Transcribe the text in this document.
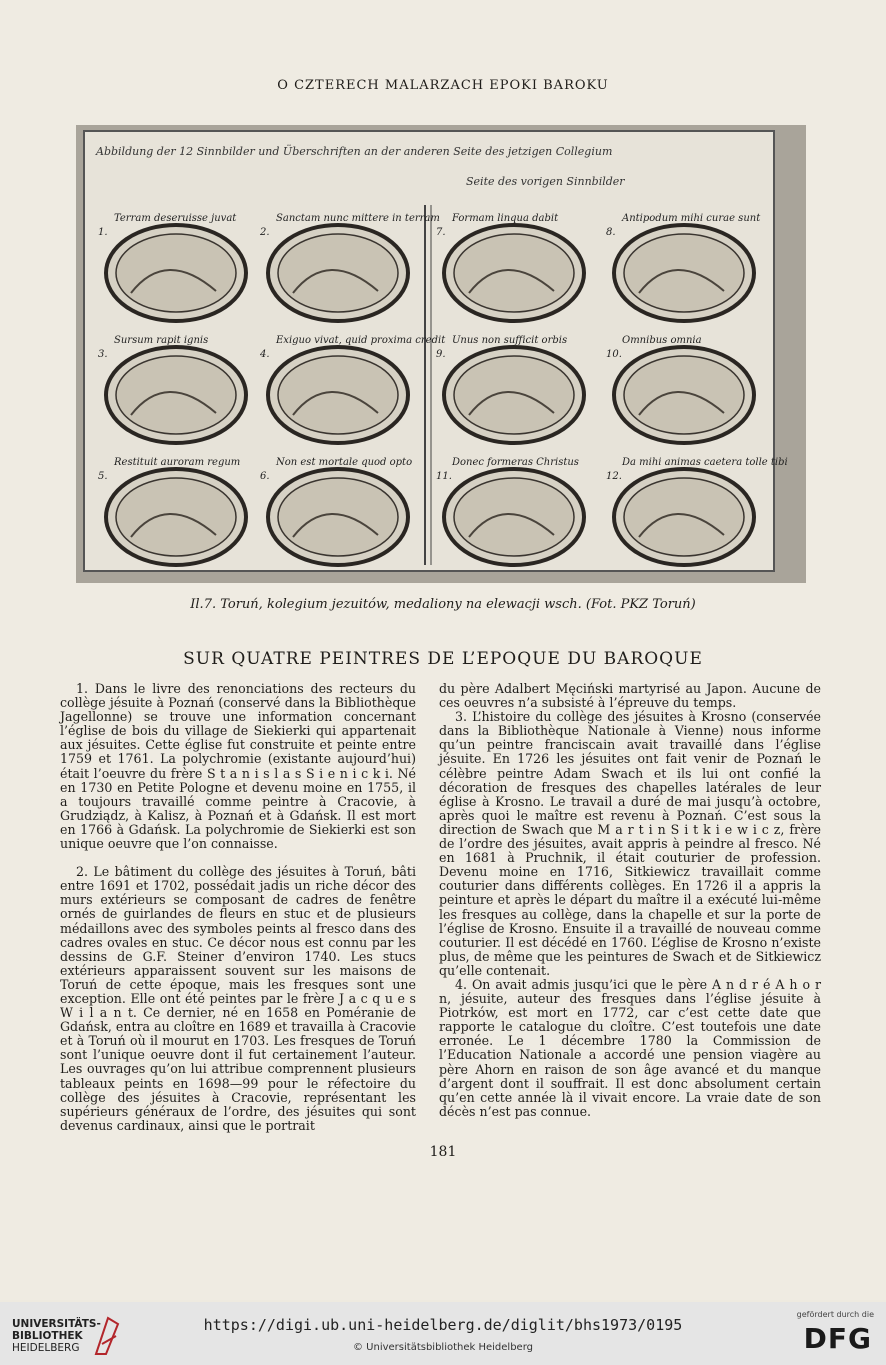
O CZTERECH MALARZACH EPOKI BAROKU
Abbildung der 12 Sinnbilder und Überschriften an der anderen Seite des jetzigen Collegium
Seite des vorigen Sinnbilder
1.
Terram deseruisse juvat
2.
Sanctam nunc mittere in terram
3.
Sursum rapit ignis
4.
Exiguo vivat, quid proxima credit
5.
Restituit auroram regum
6.
Non est mortale quod opto
7.
Formam linqua dabit
8.
Antipodum mihi curae sunt
9.
Unus non sufficit orbis
10.
Omnibus omnia
11.
Donec formeras Christus
12.
Da mihi animas caetera tolle tibi
Il.7. Toruń, kolegium jezuitów, medaliony na elewacji wsch. (Fot. PKZ Toruń)
SUR QUATRE PEINTRES DE L’EPOQUE DU BAROQUE

1. Dans le livre des renonciations des recteurs du collège jésuite à Poznań (conservé dans la Bibliothèque Jagellonne) se trouve une information concernant l’église de bois du village de Siekierki qui appartenait aux jésuites. Cette église fut construite et peinte entre 1759 et 1761. La polychromie (existante aujourd’hui) était l’oeuvre du frère S t a n i s l a s S i e n i c k i. Né en 1730 en Petite Pologne et devenu moine en 1755, il a toujours travaillé comme peintre à Cracovie, à Grudziądz, à Kalisz, à Poznań et à Gdańsk. Il est mort en 1766 à Gdańsk. La polychromie de Siekierki est son unique oeuvre que l’on connaisse.

2. Le bâtiment du collège des jésuites à Toruń, bâti entre 1691 et 1702, possédait jadis un riche décor des murs extérieurs se composant de cadres de fenêtre ornés de guirlandes de fleurs en stuc et de plusieurs médaillons avec des symboles peints al fresco dans des cadres ovales en stuc. Ce décor nous est connu par les dessins de G.F. Steiner d’environ 1740. Les stucs extérieurs apparaissent souvent sur les maisons de Toruń de cette époque, mais les fresques sont une exception. Elle ont été peintes par le frère J a c q u e s W i l a n t. Ce dernier, né en 1658 en Poméranie de Gdańsk, entra au cloître en 1689 et travailla à Cracovie et à Toruń où il mourut en 1703. Les fresques de Toruń sont l’unique oeuvre dont il fut certainement l’auteur. Les ouvrages qu’on lui attribue comprennent plusieurs tableaux peints en 1698—99 pour le réfectoire du collège des jésuites à Cracovie, représentant les supérieurs généraux de l’ordre, des jésuites qui sont devenus cardinaux, ainsi que le portrait

du père Adalbert Męciński martyrisé au Japon. Aucune de ces oeuvres n’a subsisté à l’épreuve du temps.

3. L’histoire du collège des jésuites à Krosno (conservée dans la Bibliothèque Nationale à Vienne) nous informe qu’un peintre franciscain avait travaillé dans l’église jésuite. En 1726 les jésuites ont fait venir de Poznań le célèbre peintre Adam Swach et ils lui ont confié la décoration de fresques des chapelles latérales de leur église à Krosno. Le travail a duré de mai jusqu’à octobre, après quoi le maître est revenu à Poznań. C’est sous la direction de Swach que M a r t i n S i t k i e w i c z, frère de l’ordre des jésuites, avait appris à peindre al fresco. Né en 1681 à Pruchnik, il était couturier de profession. Devenu moine en 1716, Sitkiewicz travaillait comme couturier dans différents collèges. En 1726 il a appris la peinture et après le départ du maître il a exécuté lui-même les fresques au collège, dans la chapelle et sur la porte de l’église de Krosno. Ensuite il a travaillé de nouveau comme couturier. Il est décédé en 1760. L’église de Krosno n’existe plus, de même que les peintures de Swach et de Sitkiewicz qu’elle contenait.

4. On avait admis jusqu’ici que le père A n d r é A h o r n, jésuite, auteur des fresques dans l’église jésuite à Piotrków, est mort en 1772, car c’est cette date que rapporte le catalogue du cloître. C’est toutefois une date erronée. Le 1 décembre 1780 la Commission de l’Education Nationale a accordé une pension viagère au père Ahorn en raison de son âge avancé et du manque d’argent dont il souffrait. Il est donc absolument certain qu’en cette année là il vivait encore. La vraie date de son décès n’est pas connue.

181
UNIVERSITÄTS-
BIBLIOTHEK
HEIDELBERG
https://digi.ub.uni-heidelberg.de/diglit/bhs1973/0195
© Universitätsbibliothek Heidelberg
gefördert durch die
DFG
